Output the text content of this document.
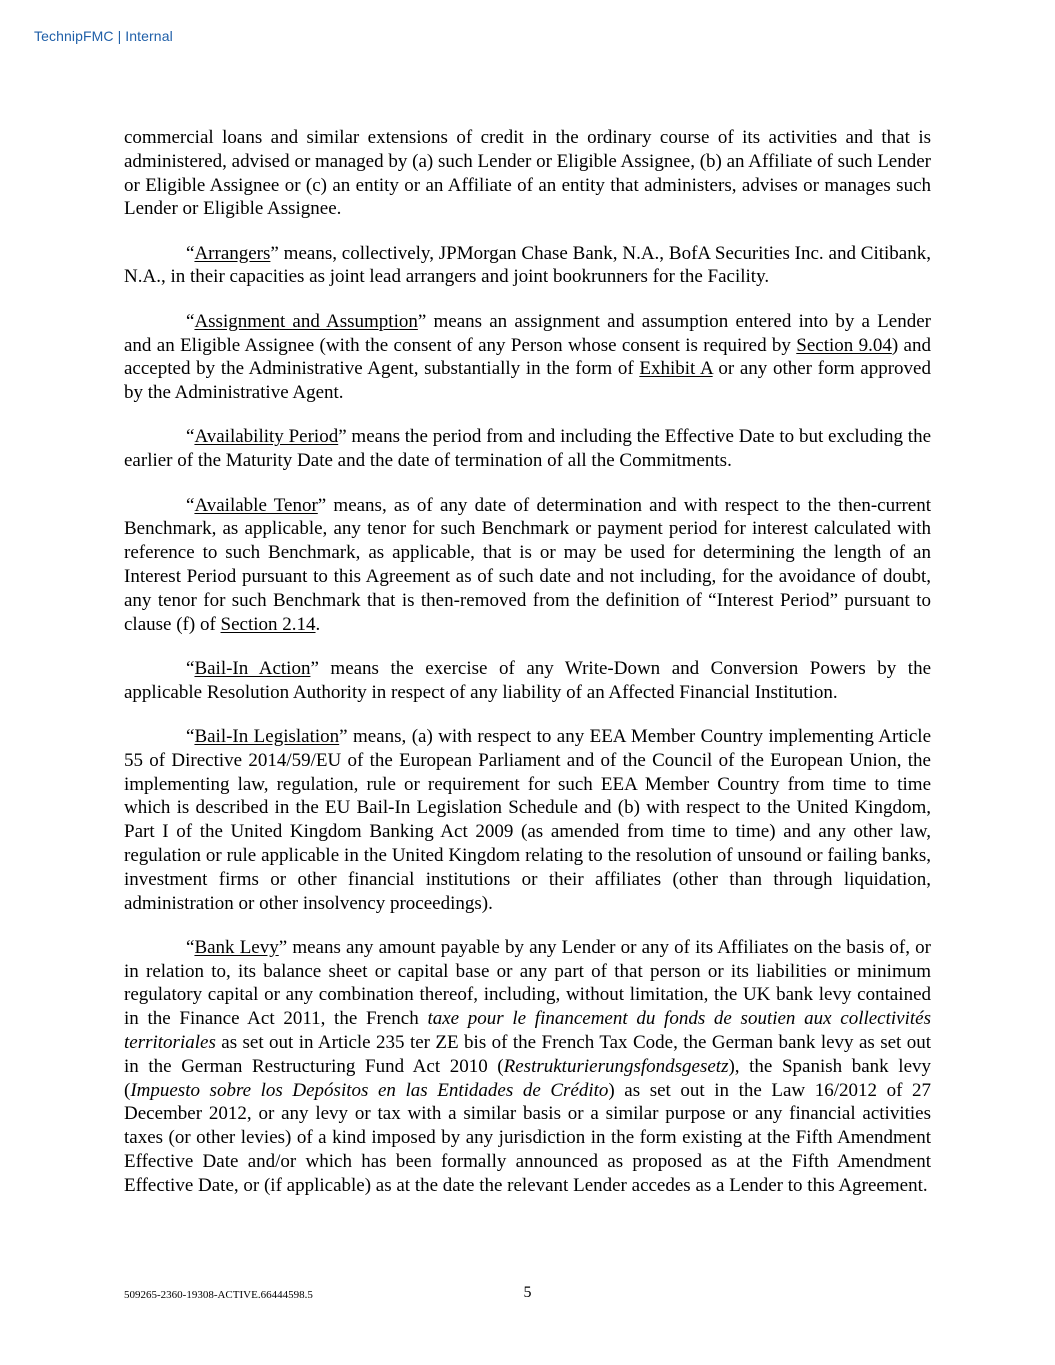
TechnipFMC | Internal

commercial loans and similar extensions of credit in the ordinary course of its activities and that is administered, advised or managed by (a) such Lender or Eligible Assignee, (b) an Affiliate of such Lender or Eligible Assignee or (c) an entity or an Affiliate of an entity that administers, advises or manages such Lender or Eligible Assignee.

“Arrangers” means, collectively, JPMorgan Chase Bank, N.A., BofA Securities Inc. and Citibank, N.A., in their capacities as joint lead arrangers and joint bookrunners for the Facility.

“Assignment and Assumption” means an assignment and assumption entered into by a Lender and an Eligible Assignee (with the consent of any Person whose consent is required by Section 9.04) and accepted by the Administrative Agent, substantially in the form of Exhibit A or any other form approved by the Administrative Agent.

“Availability Period” means the period from and including the Effective Date to but excluding the earlier of the Maturity Date and the date of termination of all the Commitments.

“Available Tenor” means, as of any date of determination and with respect to the then-current Benchmark, as applicable, any tenor for such Benchmark or payment period for interest calculated with reference to such Benchmark, as applicable, that is or may be used for determining the length of an Interest Period pursuant to this Agreement as of such date and not including, for the avoidance of doubt, any tenor for such Benchmark that is then-removed from the definition of “Interest Period” pursuant to clause (f) of Section 2.14.

“Bail-In Action” means the exercise of any Write-Down and Conversion Powers by the applicable Resolution Authority in respect of any liability of an Affected Financial Institution.

“Bail-In Legislation” means, (a) with respect to any EEA Member Country implementing Article 55 of Directive 2014/59/EU of the European Parliament and of the Council of the European Union, the implementing law, regulation, rule or requirement for such EEA Member Country from time to time which is described in the EU Bail-In Legislation Schedule and (b) with respect to the United Kingdom, Part I of the United Kingdom Banking Act 2009 (as amended from time to time) and any other law, regulation or rule applicable in the United Kingdom relating to the resolution of unsound or failing banks, investment firms or other financial institutions or their affiliates (other than through liquidation, administration or other insolvency proceedings).

“Bank Levy” means any amount payable by any Lender or any of its Affiliates on the basis of, or in relation to, its balance sheet or capital base or any part of that person or its liabilities or minimum regulatory capital or any combination thereof, including, without limitation, the UK bank levy contained in the Finance Act 2011, the French taxe pour le financement du fonds de soutien aux collectivités territoriales as set out in Article 235 ter ZE bis of the French Tax Code, the German bank levy as set out in the German Restructuring Fund Act 2010 (Restrukturierungsfondsgesetz), the Spanish bank levy (Impuesto sobre los Depósitos en las Entidades de Crédito) as set out in the Law 16/2012 of 27 December 2012, or any levy or tax with a similar basis or a similar purpose or any financial activities taxes (or other levies) of a kind imposed by any jurisdiction in the form existing at the Fifth Amendment Effective Date and/or which has been formally announced as proposed as at the Fifth Amendment Effective Date, or (if applicable) as at the date the relevant Lender accedes as a Lender to this Agreement.

509265-2360-19308-ACTIVE.66444598.5	5
